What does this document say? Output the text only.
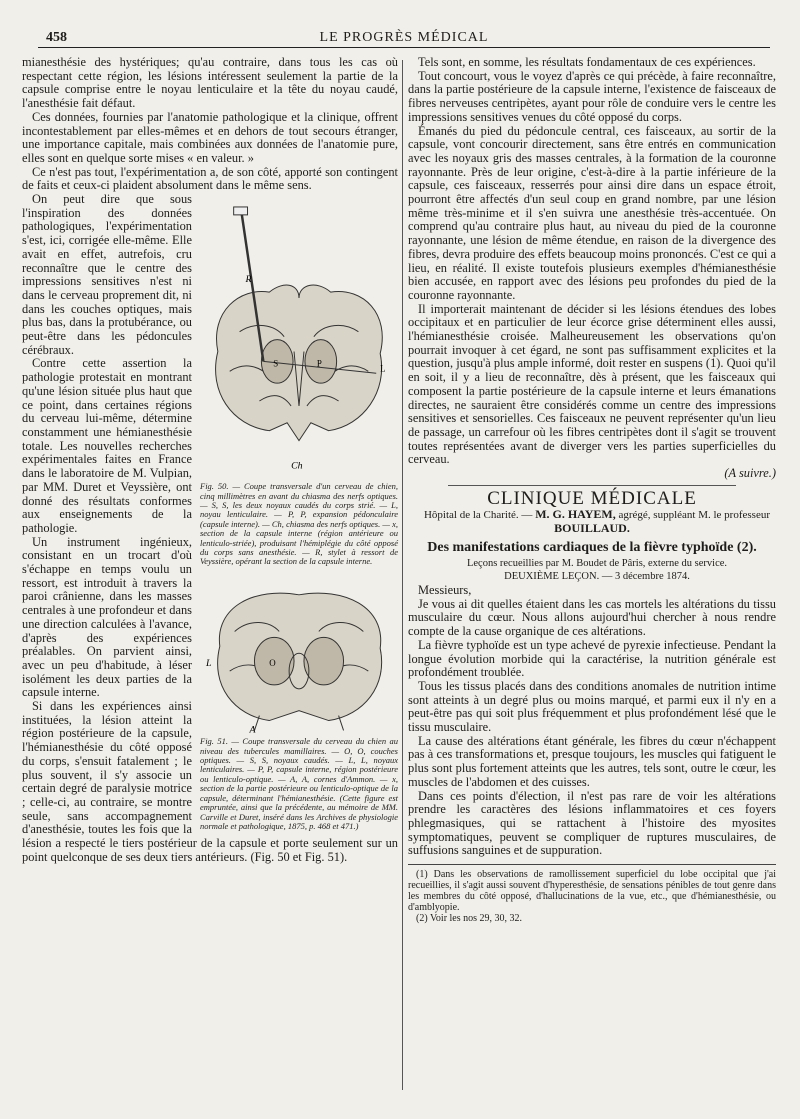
458	LE PROGRÈS MÉDICAL

mianesthésie des hystériques; qu'au contraire, dans tous les cas où respectant cette région, les lésions intéressent seulement la partie de la capsule comprise entre le noyau lenticulaire et la tête du noyau caudé, l'anesthésie fait défaut.

Ces données, fournies par l'anatomie pathologique et la clinique, offrent incontestablement par elles-mêmes et en dehors de tout secours étranger, une importance capitale, mais combinées aux données de l'anatomie pure, elles sont en quelque sorte mises « en valeur. »

Ce n'est pas tout, l'expérimentation a, de son côté, apporté son contingent de faits et ceux-ci plaident absolument dans le même sens.

R
S	P	L
Ch
Fig. 50. — Coupe transversale d'un cerveau de chien, cinq millimètres en avant du chiasma des nerfs optiques. — S, S, les deux noyaux caudés du corps strié. — L, noyau lenticulaire. — P, P, expansion pédonculaire (capsule interne). — Ch, chiasma des nerfs optiques. — x, section de la capsule interne (région antérieure ou lenticulo-striée), produisant l'hémiplégie du côté opposé du corps sans anesthésie. — R, stylet à ressort de Veyssière, opérant la section de la capsule interne.

On peut dire que sous l'inspiration des données pathologiques, l'expérimentation s'est, ici, corrigée elle-même. Elle avait en effet, autrefois, cru reconnaître que le centre des impressions sensitives n'est ni dans le cerveau proprement dit, ni dans les couches optiques, mais plus bas, dans la protubérance, ou peut-être dans les pédoncules cérébraux.

Contre cette assertion la pathologie protestait en montrant qu'une lésion située plus haut que ce point, dans certaines régions du cerveau lui-même, détermine constamment une hémianesthésie totale. Les nouvelles recherches expérimentales faites en France dans le laboratoire de M. Vulpian, par MM. Duret et Veyssière, ont donné des résultats conformes aux enseignements de la pathologie.

O
L
A
Fig. 51. — Coupe transversale du cerveau du chien au niveau des tubercules mamillaires. — O, O, couches optiques. — S, S, noyaux caudés. — L, L, noyaux lenticulaires. — P, P, capsule interne, région postérieure ou lenticulo-optique. — A, A, cornes d'Ammon. — x, section de la partie postérieure ou lenticulo-optique de la capsule, déterminant l'hémianesthésie. (Cette figure est empruntée, ainsi que la précédente, au mémoire de MM. Carville et Duret, inséré dans les Archives de physiologie normale et pathologique, 1875, p. 468 et 471.)

Un instrument ingénieux, consistant en un trocart d'où s'échappe en temps voulu un ressort, est introduit à travers la paroi crânienne, dans les masses centrales à une profondeur et dans une direction calculées à l'avance, d'après des expériences préalables. On parvient ainsi, avec un peu d'habitude, à léser isolément les deux parties de la capsule interne.

Si dans les expériences ainsi instituées, la lésion atteint la région postérieure de la capsule, l'hémianesthésie du côté opposé du corps, s'ensuit fatalement ; le plus souvent, il s'y associe un certain degré de paralysie motrice ; celle-ci, au contraire, se montre seule, sans accompagnement d'anesthésie, toutes les fois que la lésion a respecté le tiers postérieur de la capsule et porte seulement sur un point quelconque de ses deux tiers antérieurs. (Fig. 50 et Fig. 51).

Tels sont, en somme, les résultats fondamentaux de ces expériences.

Tout concourt, vous le voyez d'après ce qui précède, à faire reconnaître, dans la partie postérieure de la capsule interne, l'existence de faisceaux de fibres nerveuses centripètes, ayant pour rôle de conduire vers le centre les impressions sensitives venues du côté opposé du corps.

Émanés du pied du pédoncule central, ces faisceaux, au sortir de la capsule, vont concourir directement, sans être entrés en communication avec les noyaux gris des masses centrales, à la formation de la couronne rayonnante. Près de leur origine, c'est-à-dire à la partie inférieure de la capsule, ces faisceaux, resserrés pour ainsi dire dans un espace étroit, pourront être affectés d'un seul coup en grand nombre, par une lésion même très-minime et il s'en suivra une anesthésie très-accentuée. On comprend qu'au contraire plus haut, au niveau du pied de la couronne rayonnante, une lésion de même étendue, en raison de la divergence des fibres, devra produire des effets beaucoup moins prononcés. C'est ce qui a lieu, en réalité. Il existe toutefois plusieurs exemples d'hémianesthésie bien accusée, en rapport avec des lésions peu profondes du pied de la couronne rayonnante.

Il importerait maintenant de décider si les lésions étendues des lobes occipitaux et en particulier de leur écorce grise déterminent elles aussi, l'hémianesthésie croisée. Malheureusement les observations qu'on pourrait invoquer à cet égard, ne sont pas suffisamment explicites et la question, jusqu'à plus ample informé, doit rester en suspens (1). Quoi qu'il en soit, il y a lieu de reconnaître, dès à présent, que les faisceaux qui composent la partie postérieure de la capsule interne et leurs émanations directes, ne sauraient être considérés comme un centre des impressions sensitives et sensorielles. Ces faisceaux ne peuvent représenter qu'un lieu de passage, un carrefour où les fibres centripètes dont il s'agit se trouvent toutes représentées avant de diverger vers les parties superficielles du cerveau.

(A suivre.)

CLINIQUE MÉDICALE

Hôpital de la Charité. — M. G. HAYEM, agrégé, suppléant M. le professeur BOUILLAUD.

Des manifestations cardiaques de la fièvre typhoïde (2).

Leçons recueillies par M. Boudet de Pâris, externe du service.

DEUXIÈME LEÇON. — 3 décembre 1874.

Messieurs,

Je vous ai dit quelles étaient dans les cas mortels les altérations du tissu musculaire du cœur. Nous allons aujourd'hui chercher à nous rendre compte de la cause organique de ces altérations.

La fièvre typhoïde est un type achevé de pyrexie infectieuse. Pendant la longue évolution morbide qui la caractérise, la nutrition générale est profondément troublée.

Tous les tissus placés dans des conditions anomales de nutrition intime sont atteints à un degré plus ou moins marqué, et parmi eux il n'y en a peut-être pas qui soit plus fréquemment et plus profondément lésé que le tissu musculaire.

La cause des altérations étant générale, les fibres du cœur n'échappent pas à ces transformations et, presque toujours, les muscles qui fatiguent le plus sont plus fortement atteints que les autres, tels sont, outre le cœur, les muscles de l'abdomen et des cuisses.

Dans ces points d'élection, il n'est pas rare de voir les altérations prendre les caractères des lésions inflammatoires et ces foyers phlegmasiques, qui se rattachent à l'histoire des myosites symptomatiques, peuvent se compliquer de ruptures musculaires, de suffusions sanguines et de suppuration.

(1) Dans les observations de ramollissement superficiel du lobe occipital que j'ai recueillies, il s'agit aussi souvent d'hyperesthésie, de sensations pénibles de tout genre dans les membres du côté opposé, d'hallucinations de la vue, etc., que d'hémianesthésie, ou d'amblyopie.

(2) Voir les nos 29, 30, 32.
